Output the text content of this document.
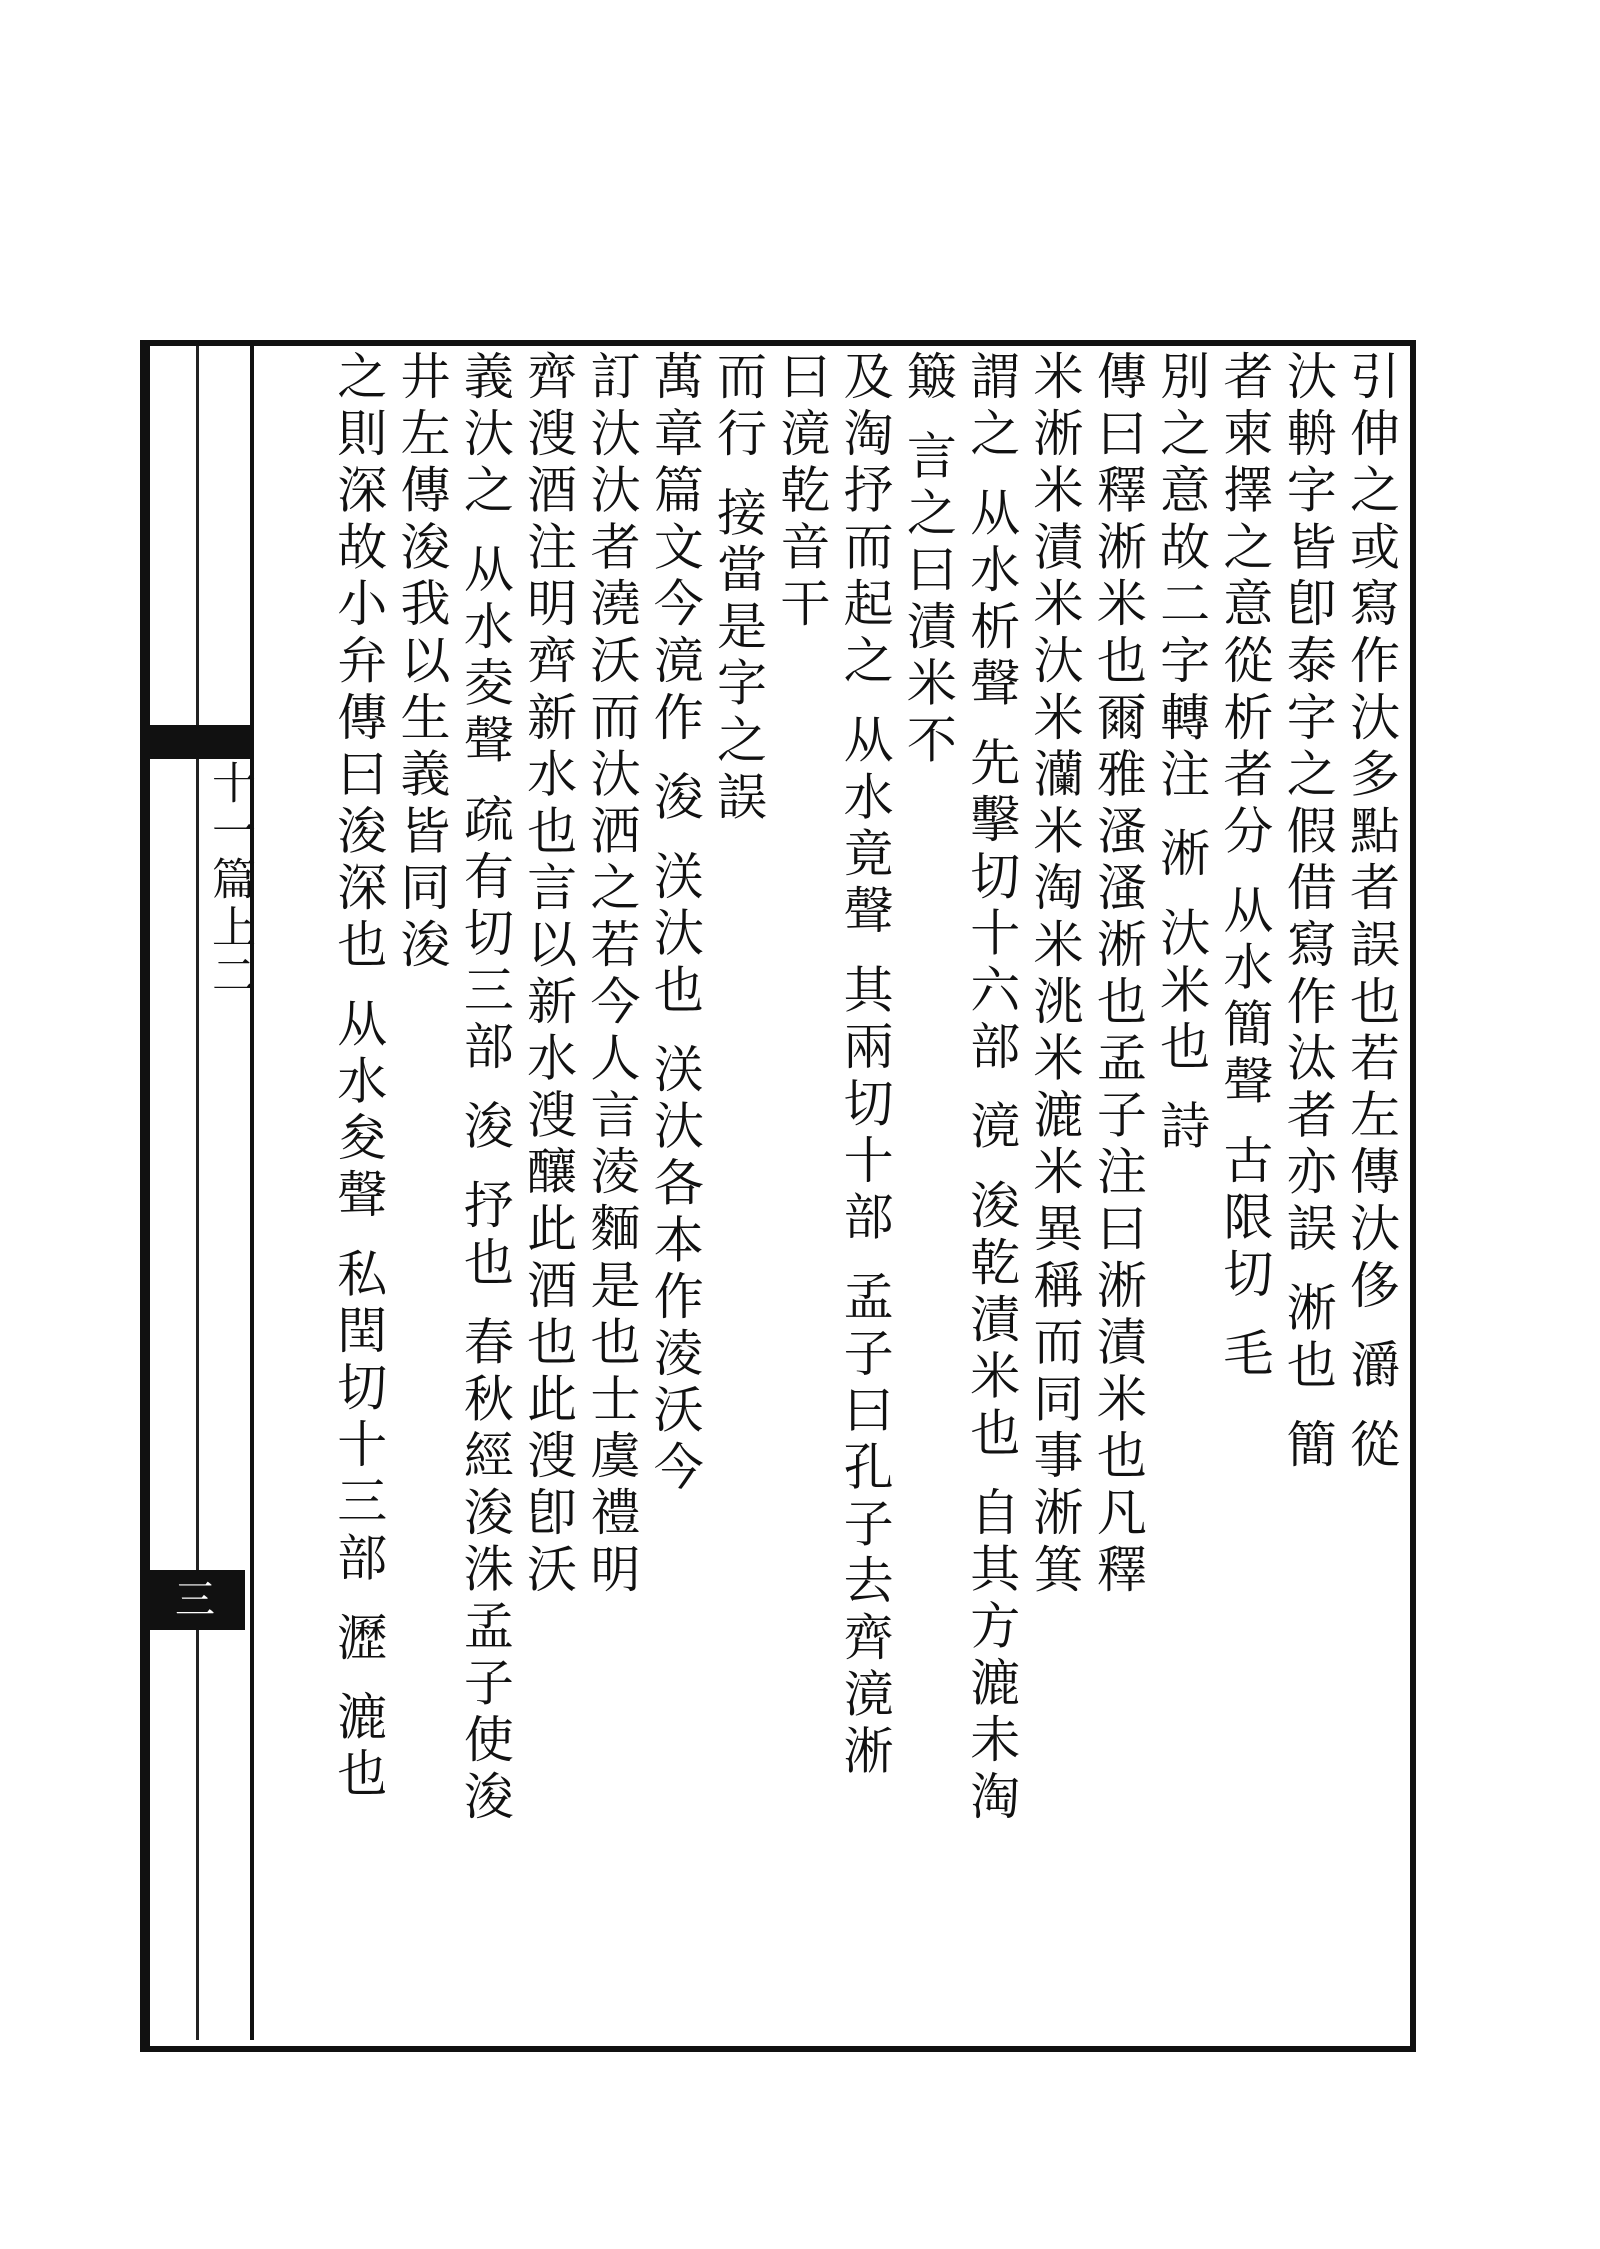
十一篇上二
三
引伸之或寫作汏多點者誤也若左傳汏侈 灂 從
汏輈字皆卽泰字之假借寫作汰者亦誤 淅也 簡
者柬擇之意從析者分 从水簡聲 古限切 毛
別之意故二字轉注 淅 汏米也 詩
傳曰釋淅米也爾雅溞溞淅也孟子注曰淅漬米也凡釋
米淅米漬米汏米灡米淘米洮米漉米異稱而同事淅箕
謂之 从水析聲 先擊切十六部 滰 浚乾漬米也 自其方漉未淘
簸 言之曰漬米不
及淘抒而起之 从水竟聲 其兩切十部 孟子曰孔子去齊滰淅
曰滰乾音干
而行 接當是字之誤
萬章篇文今滰作 浚 浂汏也 浂汏各本作淩沃今
訂汏汏者澆沃而汏洒之若今人言淩麵是也士虞禮明
齊溲酒注明齊新水也言以新水溲釀此酒也此溲卽沃
義汏之 从水夌聲 疏有切三部 浚 抒也 春秋經浚洙孟子使浚
井左傳浚我以生義皆同浚
之則深故小弁傳曰浚深也 从水夋聲 私閏切十三部 瀝 漉也
